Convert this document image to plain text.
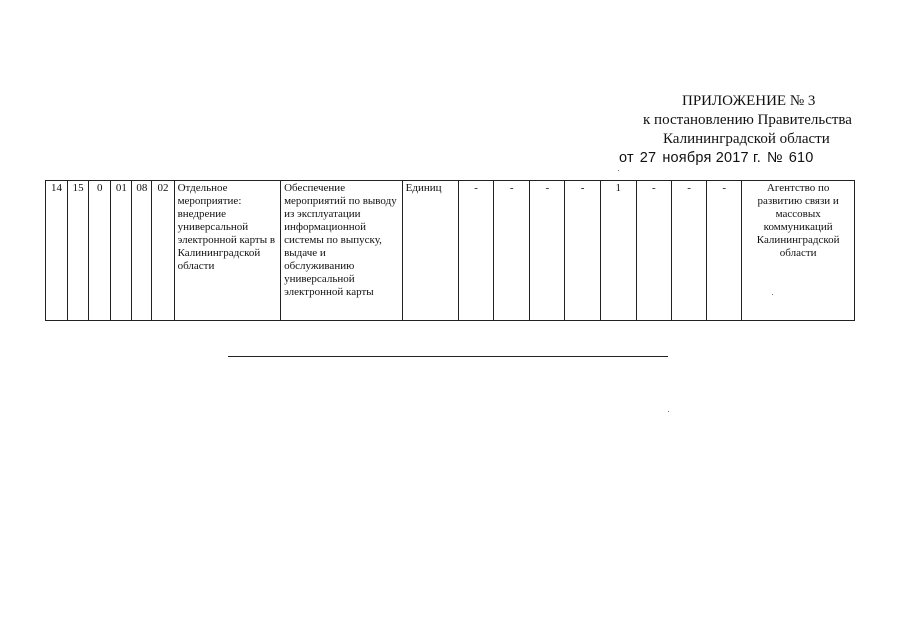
ПРИЛОЖЕНИЕ № 3
к постановлению Правительства
Калининградской области
от 27 ноября 2017 г. № 610
14	15	0	01	08	02	Отдельное мероприятие: внедрение универсальной электронной карты в Калининградской области	Обеспечение мероприятий по выводу из эксплуатации информационной системы по выпуску, выдаче и обслуживанию универсальной электронной карты	Единиц	-	-	-	-	1	-	-	-	Агентство по развитию связи и массовых коммуникаций Калининградской области
